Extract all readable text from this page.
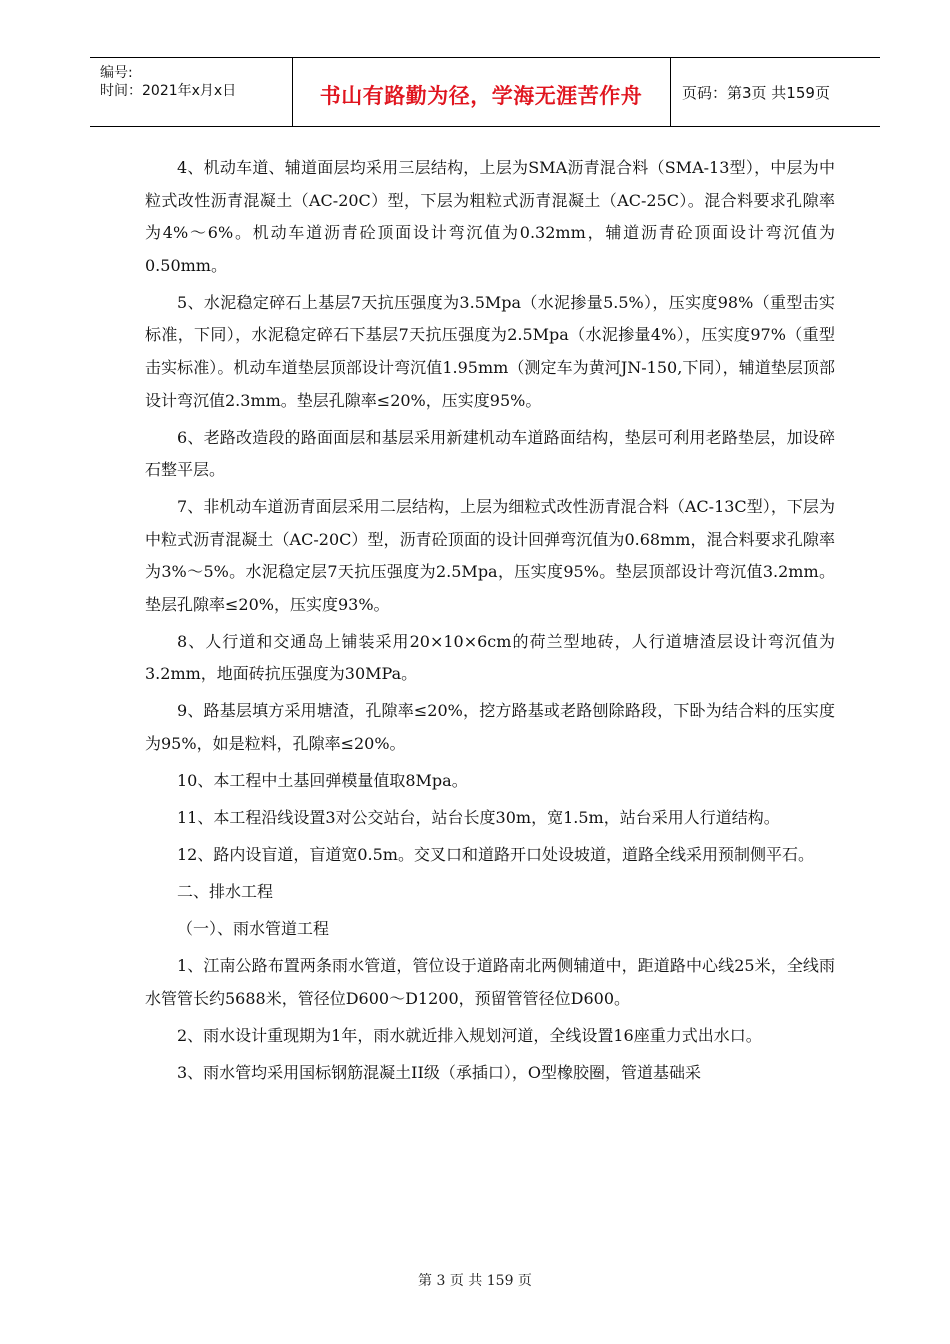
编号:
时间：2021年x月x日	书山有路勤为径，学海无涯苦作舟	页码：第3页 共159页

4、机动车道、辅道面层均采用三层结构，上层为SMA沥青混合料（SMA-13型），中层为中粒式改性沥青混凝土（AC-20C）型，下层为粗粒式沥青混凝土（AC-25C）。混合料要求孔隙率为4%～6%。机动车道沥青砼顶面设计弯沉值为0.32mm，辅道沥青砼顶面设计弯沉值为0.50mm。

5、水泥稳定碎石上基层7天抗压强度为3.5Mpa（水泥掺量5.5%），压实度98%（重型击实标准，下同），水泥稳定碎石下基层7天抗压强度为2.5Mpa（水泥掺量4%），压实度97%（重型击实标准）。机动车道垫层顶部设计弯沉值1.95mm（测定车为黄河JN-150,下同），辅道垫层顶部设计弯沉值2.3mm。垫层孔隙率≤20%，压实度95%。

6、老路改造段的路面面层和基层采用新建机动车道路面结构，垫层可利用老路垫层，加设碎石整平层。

7、非机动车道沥青面层采用二层结构，上层为细粒式改性沥青混合料（AC-13C型），下层为中粒式沥青混凝土（AC-20C）型，沥青砼顶面的设计回弹弯沉值为0.68mm，混合料要求孔隙率为3%～5%。水泥稳定层7天抗压强度为2.5Mpa，压实度95%。垫层顶部设计弯沉值3.2mm。垫层孔隙率≤20%，压实度93%。

8、人行道和交通岛上铺装采用20×10×6cm的荷兰型地砖，人行道塘渣层设计弯沉值为3.2mm，地面砖抗压强度为30MPa。

9、路基层填方采用塘渣，孔隙率≤20%，挖方路基或老路刨除路段，下卧为结合料的压实度为95%，如是粒料，孔隙率≤20%。

10、本工程中土基回弹模量值取8Mpa。

11、本工程沿线设置3对公交站台，站台长度30m，宽1.5m，站台采用人行道结构。

12、路内设盲道，盲道宽0.5m。交叉口和道路开口处设坡道，道路全线采用预制侧平石。

二、排水工程

（一）、雨水管道工程

1、江南公路布置两条雨水管道，管位设于道路南北两侧辅道中，距道路中心线25米，全线雨水管管长约5688米，管径位D600～D1200，预留管管径位D600。

2、雨水设计重现期为1年，雨水就近排入规划河道，全线设置16座重力式出水口。

3、雨水管均采用国标钢筋混凝土II级（承插口），O型橡胶圈，管道基础采

第 3 页 共 159 页
